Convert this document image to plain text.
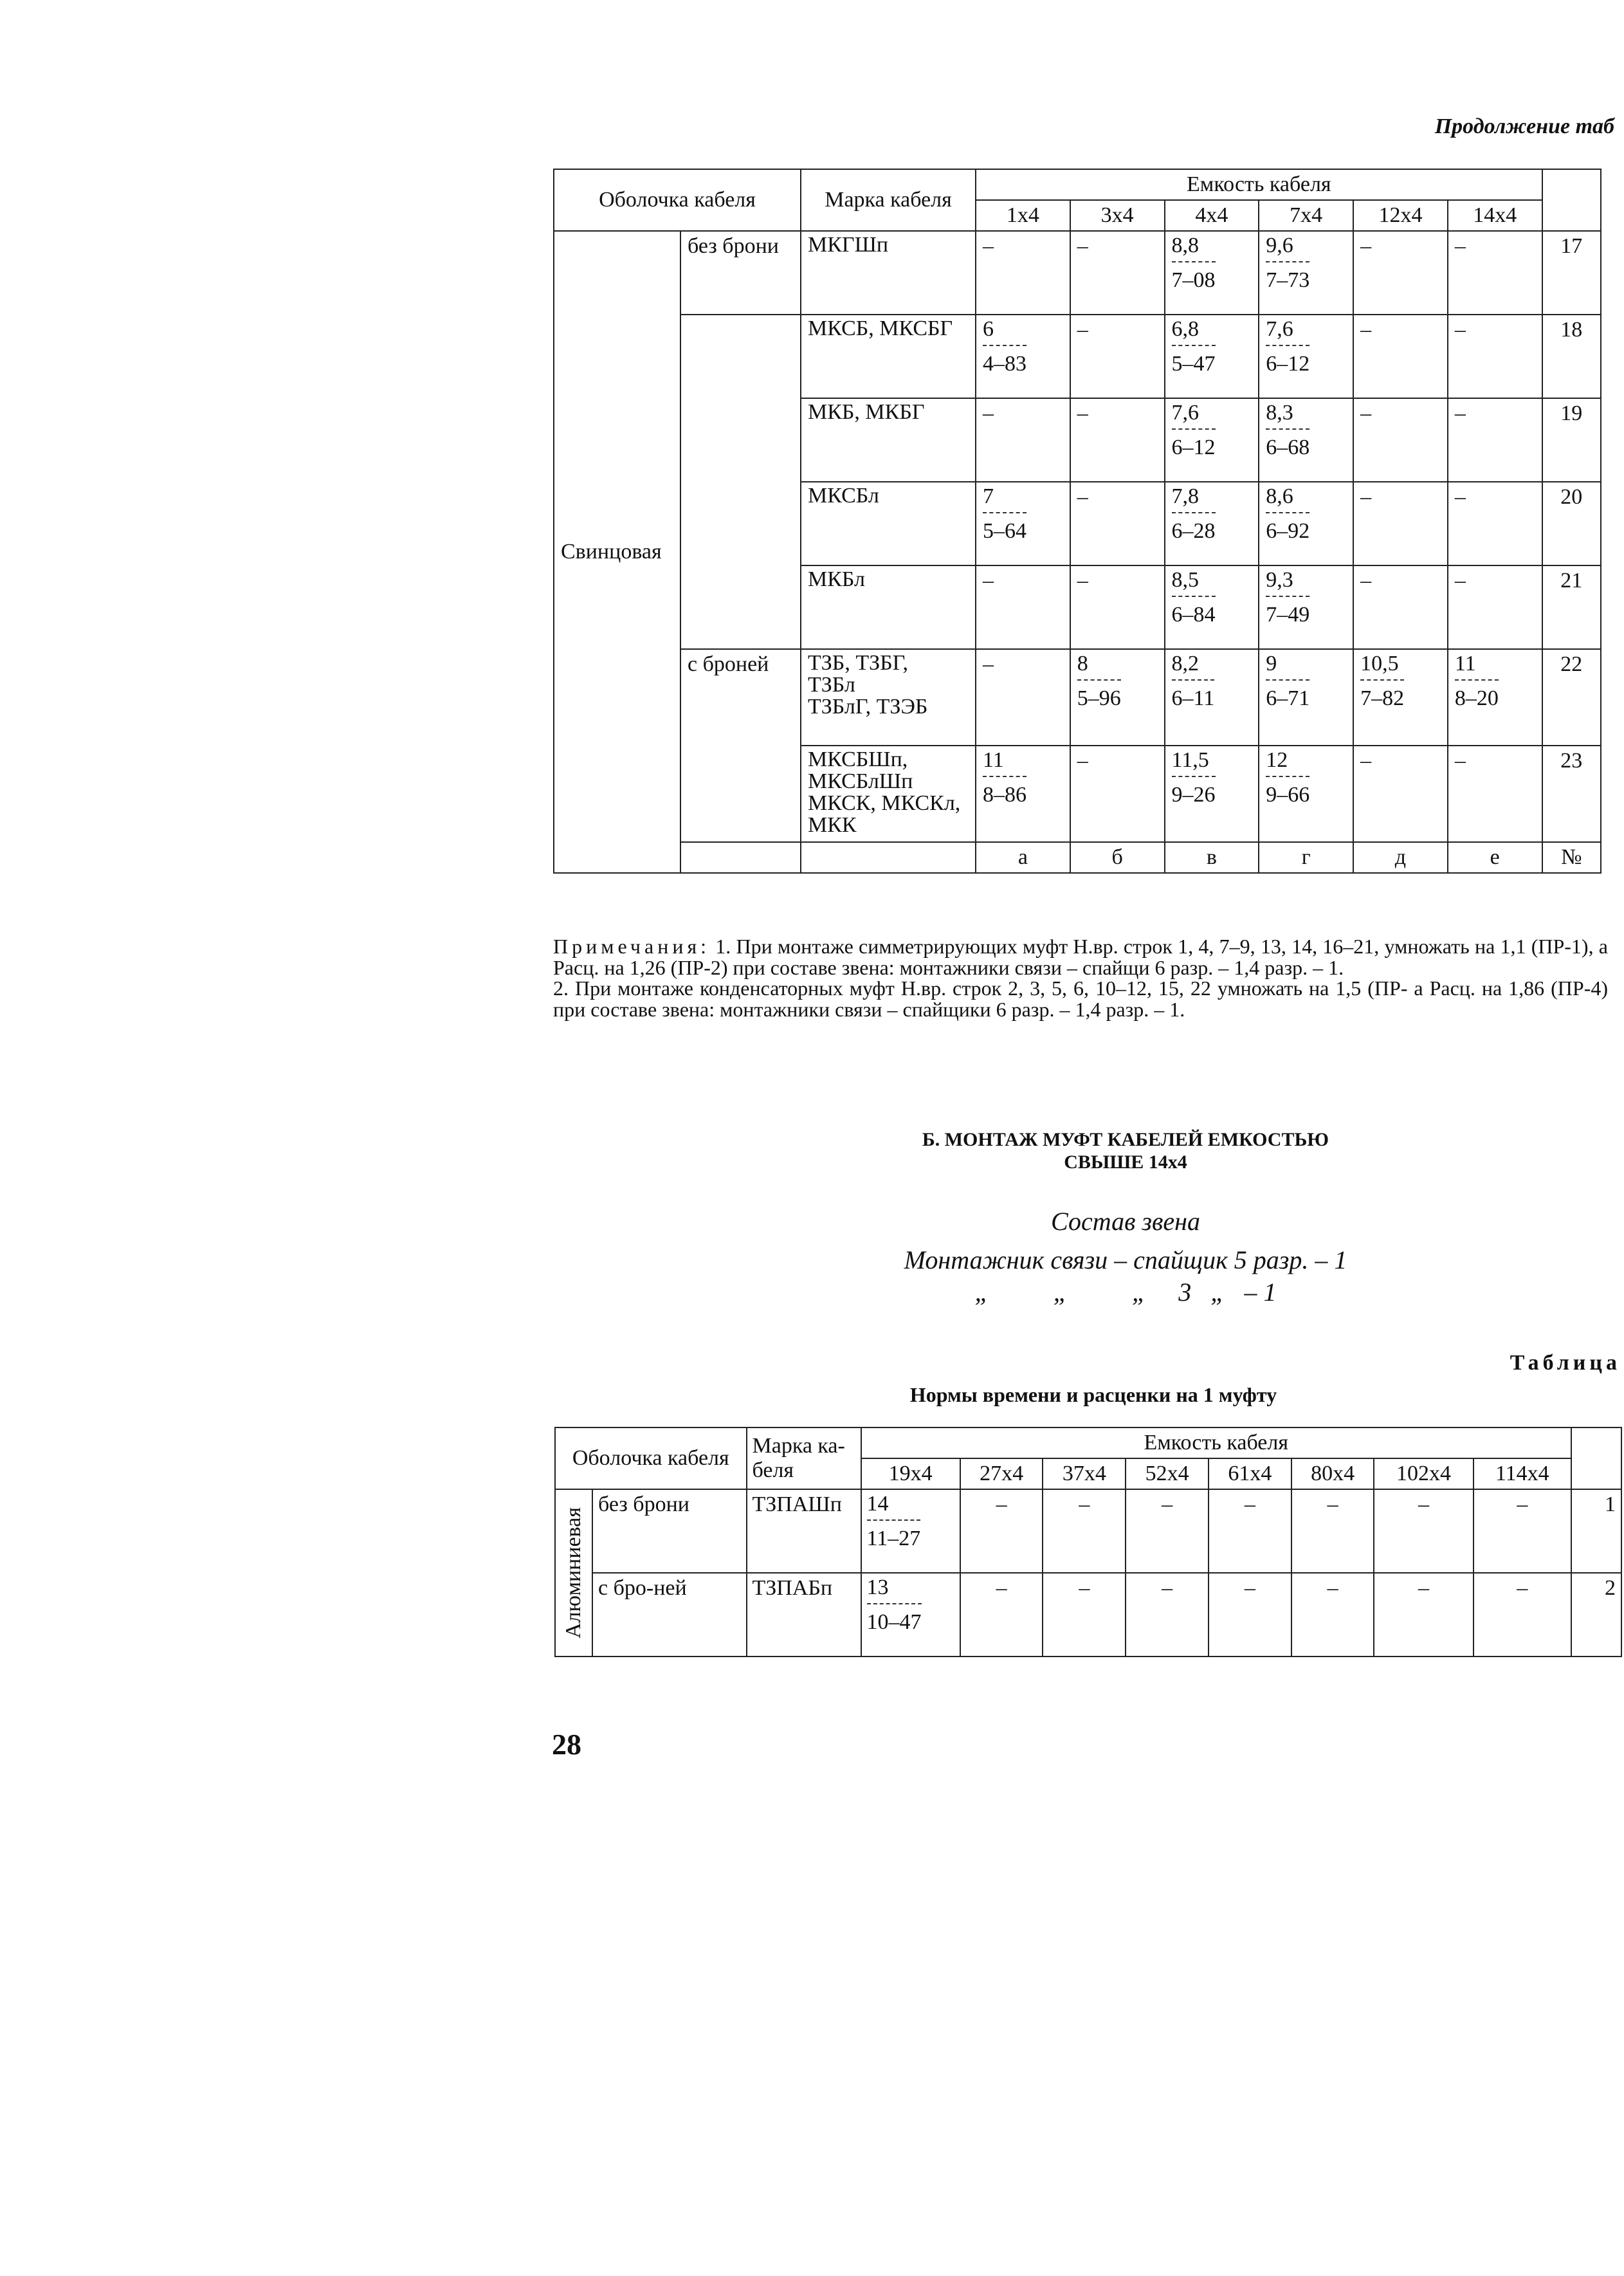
Продолжение таб
Оболочка кабеля		Марка кабеля	Емкость кабеля						
			1x4	3x4	4x4	7x4	12x4	14x4	
Свинцовая	без брони	МКГШп	–	–	$\frac{8,8}{7-08}$	$\frac{9,6}{7-73}$	–	–	17
		МКСБ, МКСБГ	$\frac{6}{4-83}$	–	$\frac{6,8}{5-47}$	$\frac{7,6}{6-12}$	–	–	18
		МКБ, МКБГ	–	–	$\frac{7,6}{6-12}$	$\frac{8,3}{6-68}$	–	–	19
		МКСБл	$\frac{7}{5-64}$	–	$\frac{7,8}{6-28}$	$\frac{8,6}{6-92}$	–	–	20
		МКБл	–	–	$\frac{8,5}{6-84}$	$\frac{9,3}{7-49}$	–	–	21
	с броней	ТЗБ, ТЗБГ,
ТЗБл
ТЗБлГ, ТЗЭБ	–	$\frac{8}{5-96}$	$\frac{8,2}{6-11}$	$\frac{9}{6-71}$	$\frac{10,5}{7-82}$	$\frac{11}{8-20}$	22
		МКСБШп,
МКСБлШп
МКСК, МКСКл,
МКК	$\frac{11}{8-86}$	–	$\frac{11,5}{9-26}$	$\frac{12}{9-66}$	–	–	23
			а	б	в	г	д	е	№

Примечания: 1. При монтаже симметрирующих муфт Н.вр. строк 1, 4, 7–9, 13, 14, 16–21, умножать на 1,1 (ПР-1), а Расц. на 1,26 (ПР-2) при составе звена: монтажники связи – спайщи 6 разр. – 1,4 разр. – 1.

2. При монтаже конденсаторных муфт Н.вр. строк 2, 3, 5, 6, 10–12, 15, 22 умножать на 1,5 (ПР- а Расц. на 1,86 (ПР-4) при составе звена: монтажники связи – спайщики 6 разр. – 1,4 разр. – 1.

Б. МОНТАЖ МУФТ КАБЕЛЕЙ ЕМКОСТЬЮ
СВЫШЕ 14x4
Состав звена
Монтажник связи – спайщик 5 разр. – 1
„          „          „     3   „   – 1
Таблица
Нормы времени и расценки на 1 муфту
Оболочка кабеля		Марка ка-беля	Емкость кабеля								
			19x4	27x4	37x4	52x4	61x4	80x4	102x4	114x4	

Алюминиевая	без брони	ТЗПАШп	$\frac{14}{11-27}$	–	–	–	–	–	–	–	1
	с бро-ней	ТЗПАБп	$\frac{13}{10-47}$	–	–	–	–	–	–	–	2
28
